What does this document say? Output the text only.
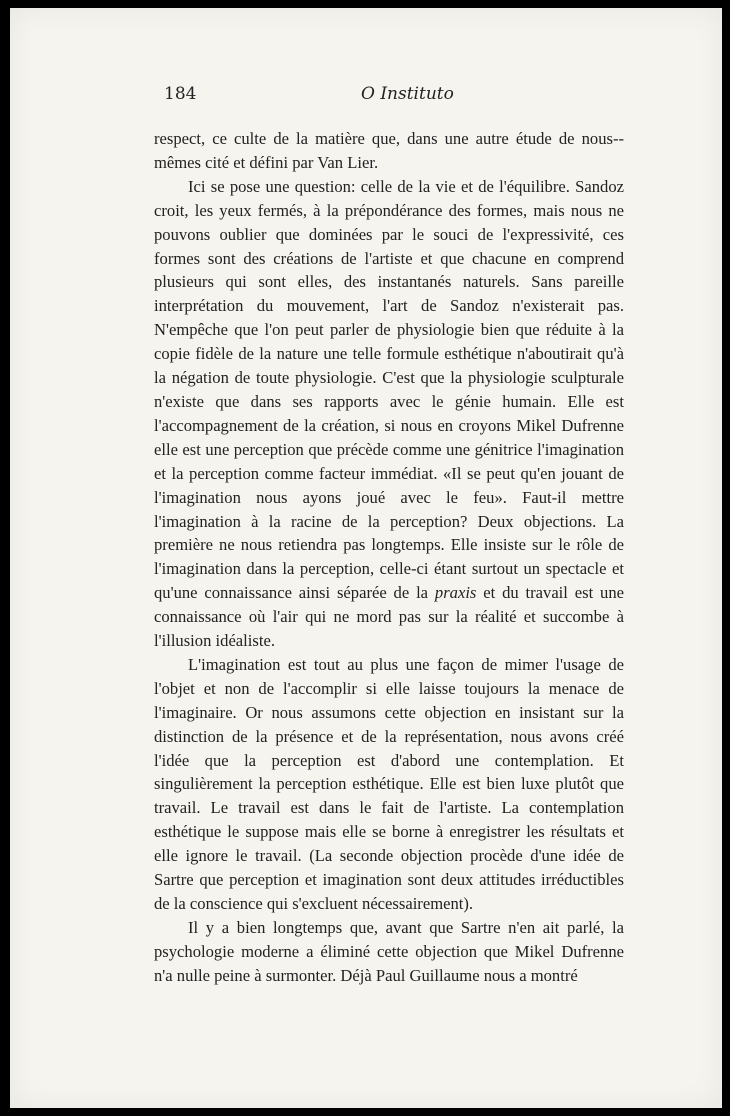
184	O Instituto

respect, ce culte de la matière que, dans une autre étude de nous--mêmes cité et défini par Van Lier.

Ici se pose une question: celle de la vie et de l'équilibre. Sandoz croit, les yeux fermés, à la prépondérance des formes, mais nous ne pouvons oublier que dominées par le souci de l'expressivité, ces formes sont des créations de l'artiste et que chacune en comprend plusieurs qui sont elles, des instantanés naturels. Sans pareille interprétation du mouvement, l'art de Sandoz n'existerait pas. N'empêche que l'on peut parler de physiologie bien que réduite à la copie fidèle de la nature une telle formule esthétique n'aboutirait qu'à la négation de toute physiologie. C'est que la physiologie sculpturale n'existe que dans ses rapports avec le génie humain. Elle est l'accompagnement de la création, si nous en croyons Mikel Dufrenne elle est une perception que précède comme une génitrice l'imagination et la perception comme facteur immédiat. «Il se peut qu'en jouant de l'imagination nous ayons joué avec le feu». Faut-il mettre l'imagination à la racine de la perception? Deux objections. La première ne nous retiendra pas longtemps. Elle insiste sur le rôle de l'imagination dans la perception, celle-ci étant surtout un spectacle et qu'une connaissance ainsi séparée de la praxis et du travail est une connaissance où l'air qui ne mord pas sur la réalité et succombe à l'illusion idéaliste.

L'imagination est tout au plus une façon de mimer l'usage de l'objet et non de l'accomplir si elle laisse toujours la menace de l'imaginaire. Or nous assumons cette objection en insistant sur la distinction de la présence et de la représentation, nous avons créé l'idée que la perception est d'abord une contemplation. Et singulièrement la perception esthétique. Elle est bien luxe plutôt que travail. Le travail est dans le fait de l'artiste. La contemplation esthétique le suppose mais elle se borne à enregistrer les résultats et elle ignore le travail. (La seconde objection procède d'une idée de Sartre que perception et imagination sont deux attitudes irréductibles de la conscience qui s'excluent nécessairement).

Il y a bien longtemps que, avant que Sartre n'en ait parlé, la psychologie moderne a éliminé cette objection que Mikel Dufrenne n'a nulle peine à surmonter. Déjà Paul Guillaume nous a montré
